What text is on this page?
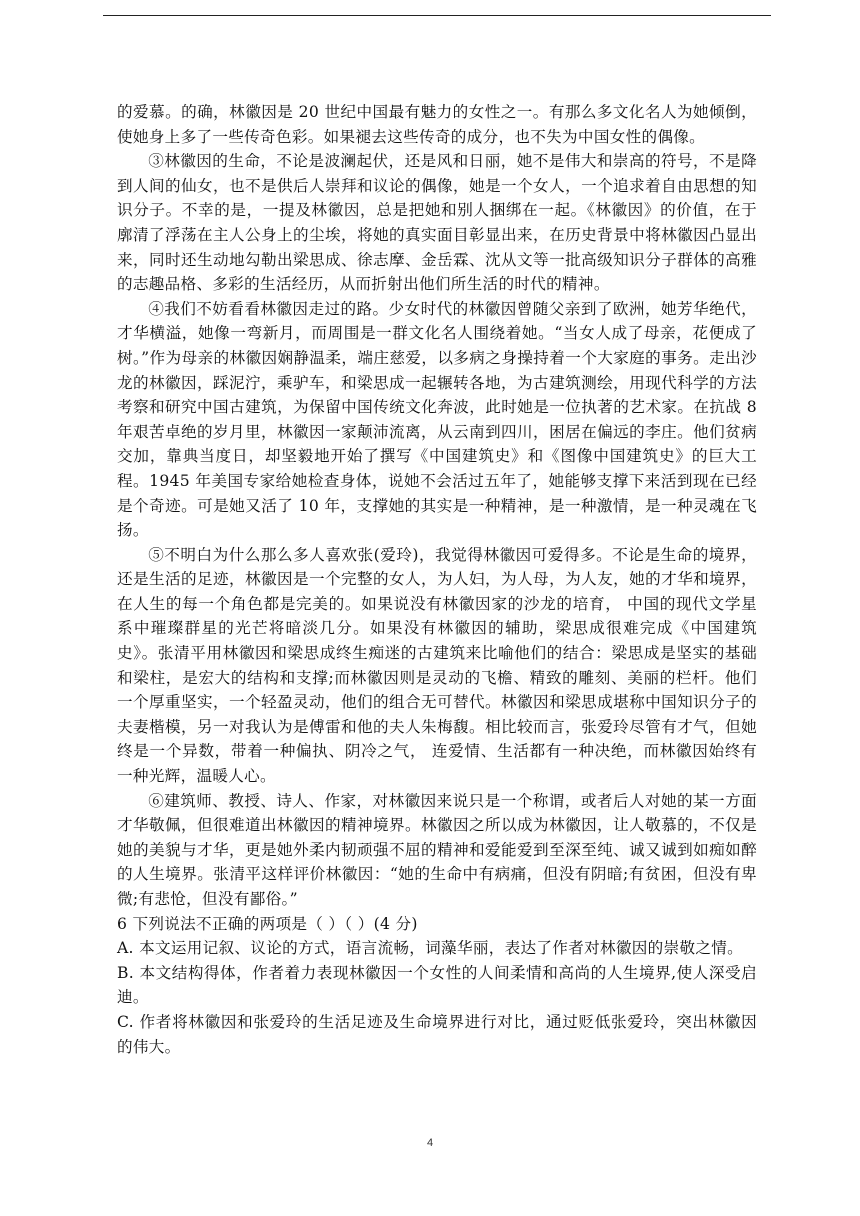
的爱慕。的确，林徽因是 20 世纪中国最有魅力的女性之一。有那么多文化名人为她倾倒，使她身上多了一些传奇色彩。如果褪去这些传奇的成分，也不失为中国女性的偶像。

③林徽因的生命，不论是波澜起伏，还是风和日丽，她不是伟大和崇高的符号，不是降到人间的仙女，也不是供后人崇拜和议论的偶像，她是一个女人，一个追求着自由思想的知识分子。不幸的是，一提及林徽因，总是把她和别人捆绑在一起。《林徽因》的价值，在于廓清了浮荡在主人公身上的尘埃，将她的真实面目彰显出来，在历史背景中将林徽因凸显出来，同时还生动地勾勒出梁思成、徐志摩、金岳霖、沈从文等一批高级知识分子群体的高雅的志趣品格、多彩的生活经历，从而折射出他们所生活的时代的精神。

④我们不妨看看林徽因走过的路。少女时代的林徽因曾随父亲到了欧洲，她芳华绝代，才华横溢，她像一弯新月，而周围是一群文化名人围绕着她。“当女人成了母亲，花便成了树。”作为母亲的林徽因娴静温柔，端庄慈爱，以多病之身操持着一个大家庭的事务。走出沙龙的林徽因，踩泥泞，乘驴车，和梁思成一起辗转各地，为古建筑测绘，用现代科学的方法考察和研究中国古建筑，为保留中国传统文化奔波，此时她是一位执著的艺术家。在抗战 8 年艰苦卓绝的岁月里，林徽因一家颠沛流离，从云南到四川，困居在偏远的李庄。他们贫病交加，靠典当度日，却坚毅地开始了撰写《中国建筑史》和《图像中国建筑史》的巨大工程。1945 年美国专家给她检查身体，说她不会活过五年了，她能够支撑下来活到现在已经是个奇迹。可是她又活了 10 年，支撑她的其实是一种精神，是一种激情，是一种灵魂在飞扬。

⑤不明白为什么那么多人喜欢张(爱玲)，我觉得林徽因可爱得多。不论是生命的境界，还是生活的足迹，林徽因是一个完整的女人，为人妇，为人母，为人友，她的才华和境界，在人生的每一个角色都是完美的。如果说没有林徽因家的沙龙的培育， 中国的现代文学星系中璀璨群星的光芒将暗淡几分。如果没有林徽因的辅助，梁思成很难完成《中国建筑史》。张清平用林徽因和梁思成终生痴迷的古建筑来比喻他们的结合：梁思成是坚实的基础和梁柱，是宏大的结构和支撑;而林徽因则是灵动的飞檐、精致的雕刻、美丽的栏杆。他们一个厚重坚实，一个轻盈灵动，他们的组合无可替代。林徽因和梁思成堪称中国知识分子的夫妻楷模，另一对我认为是傅雷和他的夫人朱梅馥。相比较而言，张爱玲尽管有才气，但她终是一个异数，带着一种偏执、阴冷之气， 连爱情、生活都有一种决绝，而林徽因始终有一种光辉，温暖人心。

⑥建筑师、教授、诗人、作家，对林徽因来说只是一个称谓，或者后人对她的某一方面才华敬佩，但很难道出林徽因的精神境界。林徽因之所以成为林徽因，让人敬慕的，不仅是她的美貌与才华，更是她外柔内韧顽强不屈的精神和爱能爱到至深至纯、诚又诚到如痴如醉的人生境界。张清平这样评价林徽因：“她的生命中有病痛，但没有阴暗;有贫困，但没有卑微;有悲怆，但没有鄙俗。”

6 下列说法不正确的两项是（ ）（ ）(4 分)

A. 本文运用记叙、议论的方式，语言流畅，词藻华丽，表达了作者对林徽因的崇敬之情。

B. 本文结构得体，作者着力表现林徽因一个女性的人间柔情和高尚的人生境界,使人深受启迪。

C. 作者将林徽因和张爱玲的生活足迹及生命境界进行对比，通过贬低张爱玲，突出林徽因的伟大。

4
